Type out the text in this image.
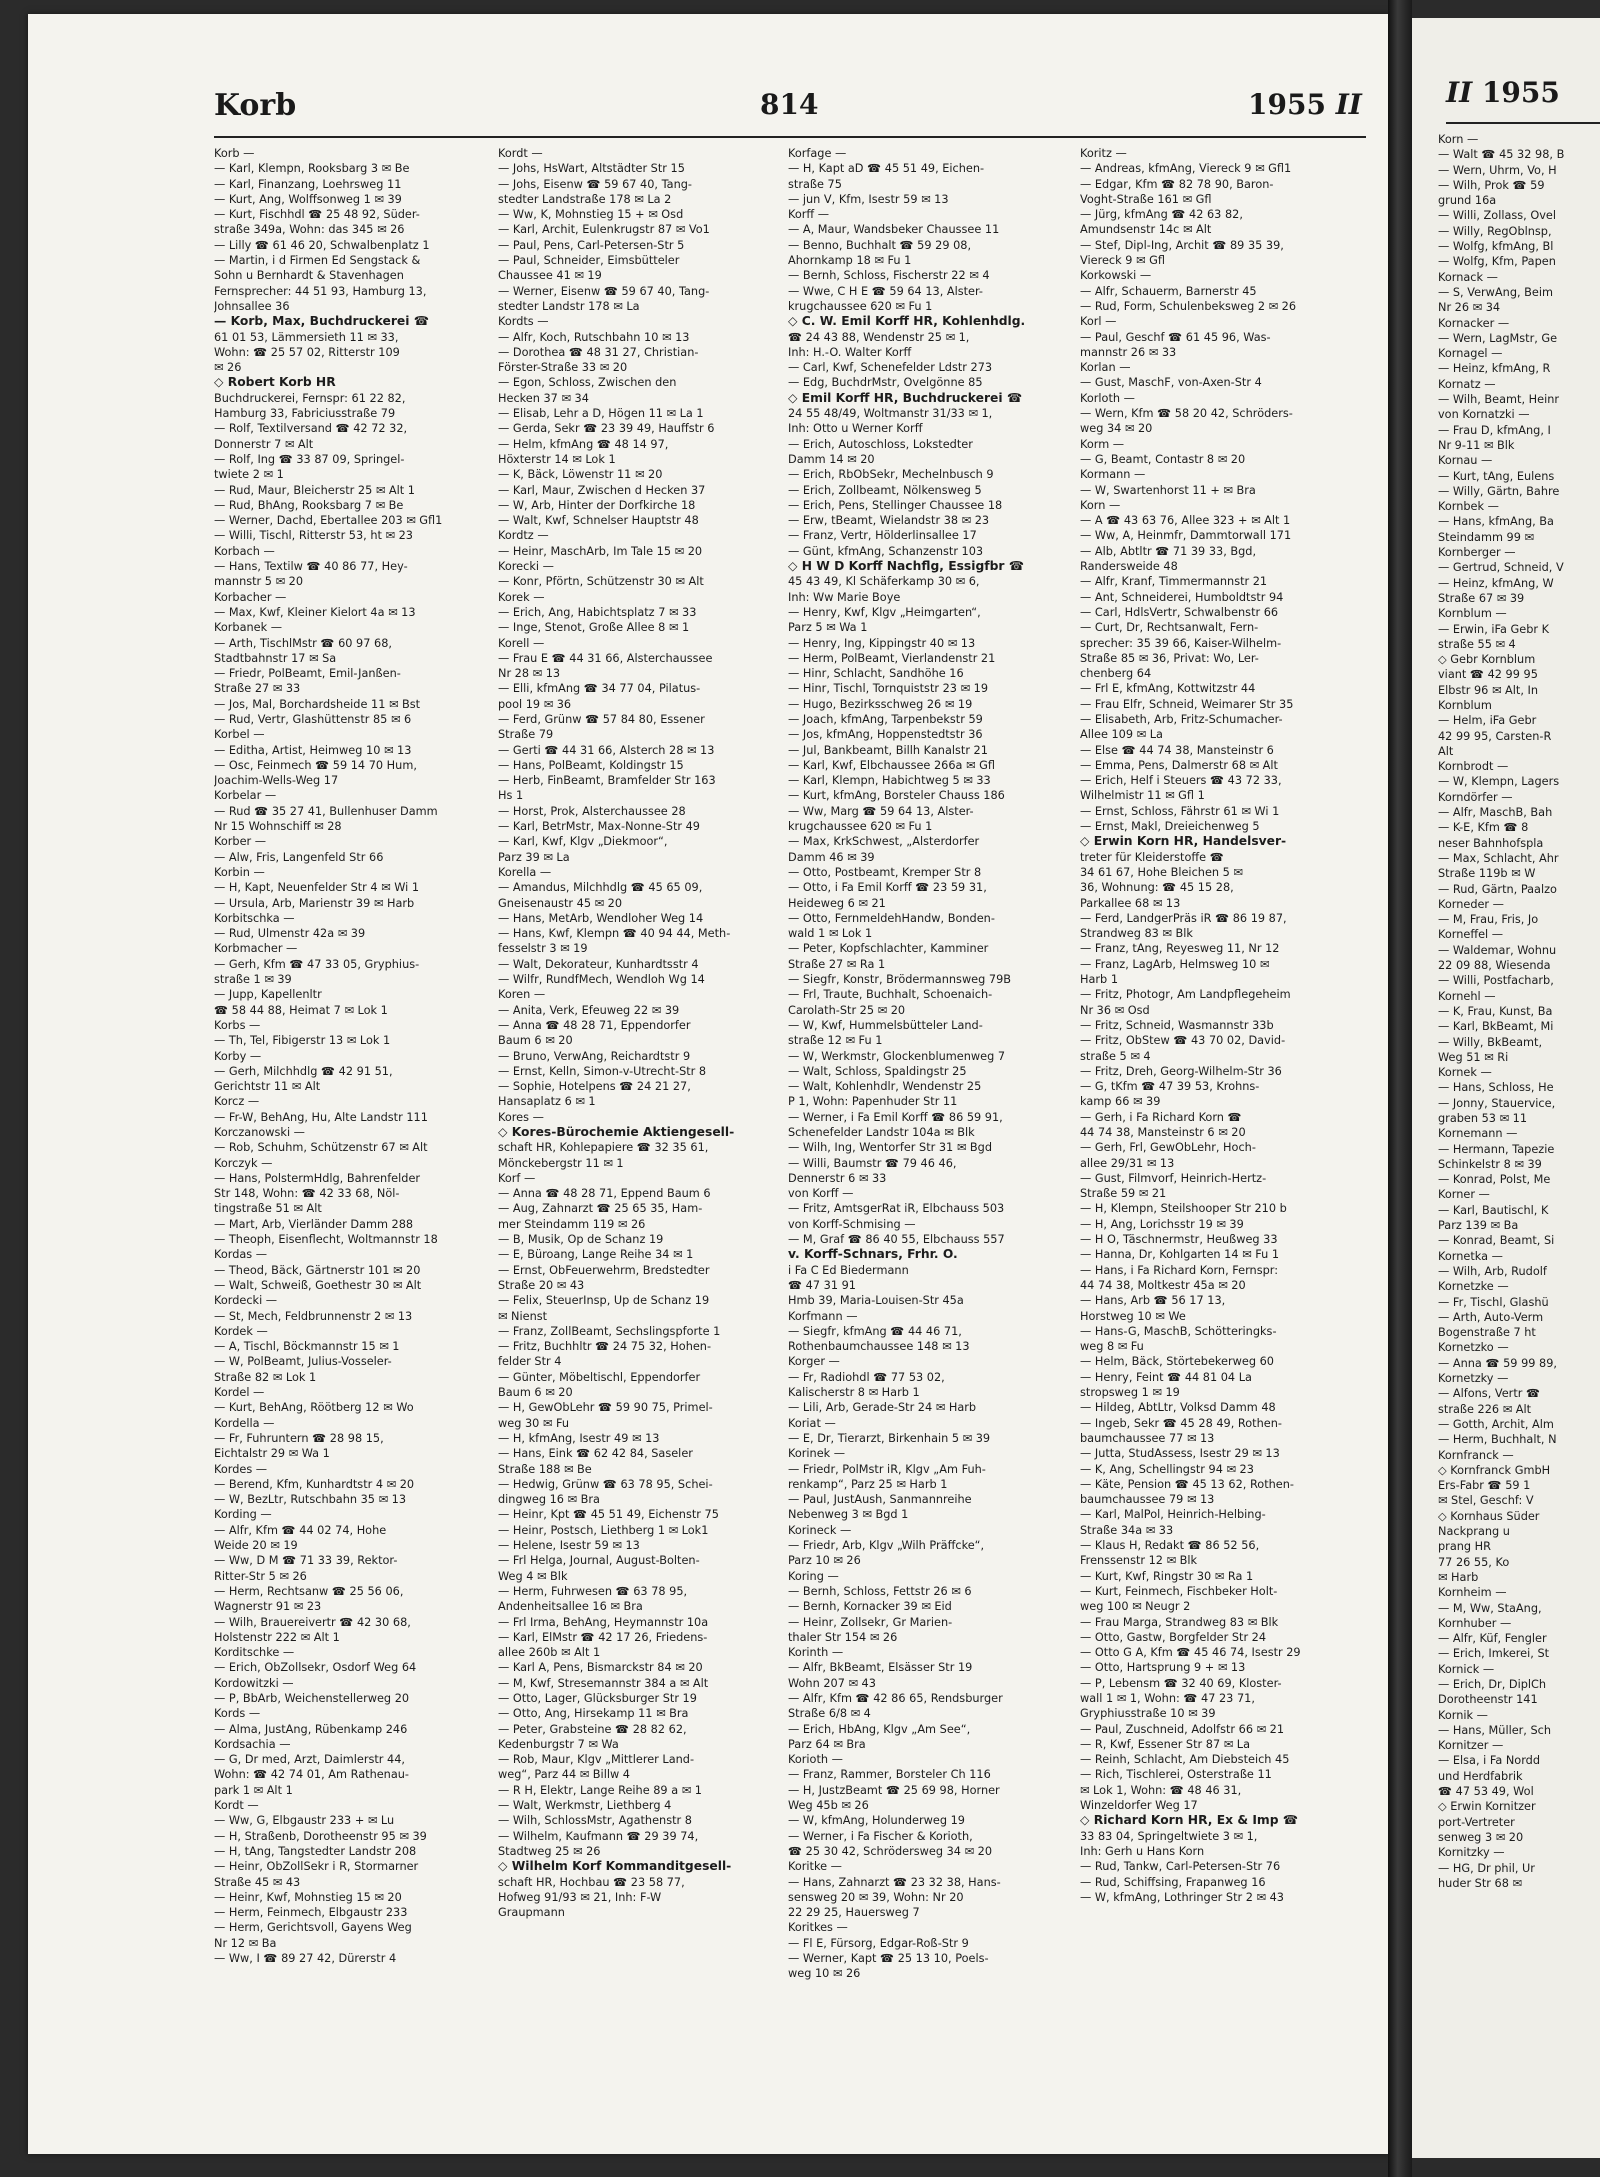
Korb	814	1955 II
Korb —
— Karl, Klempn, Rooksbarg 3 ✉ Be
— Karl, Finanzang, Loehrsweg 11
— Kurt, Ang, Wolffsonweg 1 ✉ 39
— Kurt, Fischhdl ☎ 25 48 92, Süder-
straße 349a, Wohn: das 345 ✉ 26
— Lilly ☎ 61 46 20, Schwalbenplatz 1
— Martin, i d Firmen Ed Sengstack &
Sohn u Bernhardt & Stavenhagen
Fernsprecher: 44 51 93, Hamburg 13,
Johnsallee 36
— Korb, Max, Buchdruckerei ☎
61 01 53, Lämmersieth 11 ✉ 33,
Wohn: ☎ 25 57 02, Ritterstr 109
✉ 26
◇ Robert Korb HR
Buchdruckerei, Fernspr: 61 22 82,
Hamburg 33, Fabriciusstraße 79
— Rolf, Textilversand ☎ 42 72 32,
Donnerstr 7 ✉ Alt
— Rolf, Ing ☎ 33 87 09, Springel-
twiete 2 ✉ 1
— Rud, Maur, Bleicherstr 25 ✉ Alt 1
— Rud, BhAng, Rooksbarg 7 ✉ Be
— Werner, Dachd, Ebertallee 203 ✉ Gfl1
— Willi, Tischl, Ritterstr 53, ht ✉ 23
Korbach —
— Hans, Textilw ☎ 40 86 77, Hey-
mannstr 5 ✉ 20
Korbacher —
— Max, Kwf, Kleiner Kielort 4a ✉ 13
Korbanek —
— Arth, TischlMstr ☎ 60 97 68,
Stadtbahnstr 17 ✉ Sa
— Friedr, PolBeamt, Emil-Janßen-
Straße 27 ✉ 33
— Jos, Mal, Borchardsheide 11 ✉ Bst
— Rud, Vertr, Glashüttenstr 85 ✉ 6
Korbel —
— Editha, Artist, Heimweg 10 ✉ 13
— Osc, Feinmech ☎ 59 14 70 Hum,
Joachim-Wells-Weg 17
Korbelar —
— Rud ☎ 35 27 41, Bullenhuser Damm
Nr 15 Wohnschiff ✉ 28
Korber —
— Alw, Fris, Langenfeld Str 66
Korbin —
— H, Kapt, Neuenfelder Str 4 ✉ Wi 1
— Ursula, Arb, Marienstr 39 ✉ Harb
Korbitschka —
— Rud, Ulmenstr 42a ✉ 39
Korbmacher —
— Gerh, Kfm ☎ 47 33 05, Gryphius-
straße 1 ✉ 39
— Jupp, Kapellenltr
☎ 58 44 88, Heimat 7 ✉ Lok 1
Korbs —
— Th, Tel, Fibigerstr 13 ✉ Lok 1
Korby —
— Gerh, Milchhdlg ☎ 42 91 51,
Gerichtstr 11 ✉ Alt
Korcz —
— Fr-W, BehAng, Hu, Alte Landstr 111
Korczanowski —
— Rob, Schuhm, Schützenstr 67 ✉ Alt
Korczyk —
— Hans, PolstermHdlg, Bahrenfelder
Str 148, Wohn: ☎ 42 33 68, Nöl-
tingstraße 51 ✉ Alt
— Mart, Arb, Vierländer Damm 288
— Theoph, Eisenflecht, Woltmannstr 18
Kordas —
— Theod, Bäck, Gärtnerstr 101 ✉ 20
— Walt, Schweiß, Goethestr 30 ✉ Alt
Kordecki —
— St, Mech, Feldbrunnenstr 2 ✉ 13
Kordek —
— A, Tischl, Böckmannstr 15 ✉ 1
— W, PolBeamt, Julius-Vosseler-
Straße 82 ✉ Lok 1
Kordel —
— Kurt, BehAng, Röötberg 12 ✉ Wo
Kordella —
— Fr, Fuhruntern ☎ 28 98 15,
Eichtalstr 29 ✉ Wa 1
Kordes —
— Berend, Kfm, Kunhardtstr 4 ✉ 20
— W, BezLtr, Rutschbahn 35 ✉ 13
Kording —
— Alfr, Kfm ☎ 44 02 74, Hohe
Weide 20 ✉ 19
— Ww, D M ☎ 71 33 39, Rektor-
Ritter-Str 5 ✉ 26
— Herm, Rechtsanw ☎ 25 56 06,
Wagnerstr 91 ✉ 23
— Wilh, Brauereivertr ☎ 42 30 68,
Holstenstr 222 ✉ Alt 1
Korditschke —
— Erich, ObZollsekr, Osdorf Weg 64
Kordowitzki —
— P, BbArb, Weichenstellerweg 20
Kords —
— Alma, JustAng, Rübenkamp 246
Kordsachia —
— G, Dr med, Arzt, Daimlerstr 44,
Wohn: ☎ 42 74 01, Am Rathenau-
park 1 ✉ Alt 1
Kordt —
— Ww, G, Elbgaustr 233 + ✉ Lu
— H, Straßenb, Dorotheenstr 95 ✉ 39
— H, tAng, Tangstedter Landstr 208
— Heinr, ObZollSekr i R, Stormarner
Straße 45 ✉ 43
— Heinr, Kwf, Mohnstieg 15 ✉ 20
— Herm, Feinmech, Elbgaustr 233
— Herm, Gerichtsvoll, Gayens Weg
Nr 12 ✉ Ba
— Ww, I ☎ 89 27 42, Dürerstr 4
Kordt —
— Johs, HsWart, Altstädter Str 15
— Johs, Eisenw ☎ 59 67 40, Tang-
stedter Landstraße 178 ✉ La 2
— Ww, K, Mohnstieg 15 + ✉ Osd
— Karl, Archit, Eulenkrugstr 87 ✉ Vo1
— Paul, Pens, Carl-Petersen-Str 5
— Paul, Schneider, Eimsbütteler
Chaussee 41 ✉ 19
— Werner, Eisenw ☎ 59 67 40, Tang-
stedter Landstr 178 ✉ La
Kordts —
— Alfr, Koch, Rutschbahn 10 ✉ 13
— Dorothea ☎ 48 31 27, Christian-
Förster-Straße 33 ✉ 20
— Egon, Schloss, Zwischen den
Hecken 37 ✉ 34
— Elisab, Lehr a D, Högen 11 ✉ La 1
— Gerda, Sekr ☎ 23 39 49, Hauffstr 6
— Helm, kfmAng ☎ 48 14 97,
Höxterstr 14 ✉ Lok 1
— K, Bäck, Löwenstr 11 ✉ 20
— Karl, Maur, Zwischen d Hecken 37
— W, Arb, Hinter der Dorfkirche 18
— Walt, Kwf, Schnelser Hauptstr 48
Kordtz —
— Heinr, MaschArb, Im Tale 15 ✉ 20
Korecki —
— Konr, Pförtn, Schützenstr 30 ✉ Alt
Korek —
— Erich, Ang, Habichtsplatz 7 ✉ 33
— Inge, Stenot, Große Allee 8 ✉ 1
Korell —
— Frau E ☎ 44 31 66, Alsterchaussee
Nr 28 ✉ 13
— Elli, kfmAng ☎ 34 77 04, Pilatus-
pool 19 ✉ 36
— Ferd, Grünw ☎ 57 84 80, Essener
Straße 79
— Gerti ☎ 44 31 66, Alsterch 28 ✉ 13
— Hans, PolBeamt, Koldingstr 15
— Herb, FinBeamt, Bramfelder Str 163
Hs 1
— Horst, Prok, Alsterchaussee 28
— Karl, BetrMstr, Max-Nonne-Str 49
— Karl, Kwf, Klgv „Diekmoor“,
Parz 39 ✉ La
Korella —
— Amandus, Milchhdlg ☎ 45 65 09,
Gneisenaustr 45 ✉ 20
— Hans, MetArb, Wendloher Weg 14
— Hans, Kwf, Klempn ☎ 40 94 44, Meth-
fesselstr 3 ✉ 19
— Walt, Dekorateur, Kunhardtsstr 4
— Wilfr, RundfMech, Wendloh Wg 14
Koren —
— Anita, Verk, Efeuweg 22 ✉ 39
— Anna ☎ 48 28 71, Eppendorfer
Baum 6 ✉ 20
— Bruno, VerwAng, Reichardtstr 9
— Ernst, Kelln, Simon-v-Utrecht-Str 8
— Sophie, Hotelpens ☎ 24 21 27,
Hansaplatz 6 ✉ 1
Kores —
◇ Kores-Bürochemie Aktiengesell-
schaft HR, Kohlepapiere ☎ 32 35 61,
Mönckebergstr 11 ✉ 1
Korf —
— Anna ☎ 48 28 71, Eppend Baum 6
— Aug, Zahnarzt ☎ 25 65 35, Ham-
mer Steindamm 119 ✉ 26
— B, Musik, Op de Schanz 19
— E, Büroang, Lange Reihe 34 ✉ 1
— Ernst, ObFeuerwehrm, Bredstedter
Straße 20 ✉ 43
— Felix, SteuerInsp, Up de Schanz 19
✉ Nienst
— Franz, ZollBeamt, Sechslingspforte 1
— Fritz, Buchhltr ☎ 24 75 32, Hohen-
felder Str 4
— Günter, Möbeltischl, Eppendorfer
Baum 6 ✉ 20
— H, GewObLehr ☎ 59 90 75, Primel-
weg 30 ✉ Fu
— H, kfmAng, Isestr 49 ✉ 13
— Hans, Eink ☎ 62 42 84, Saseler
Straße 188 ✉ Be
— Hedwig, Grünw ☎ 63 78 95, Schei-
dingweg 16 ✉ Bra
— Heinr, Kpt ☎ 45 51 49, Eichenstr 75
— Heinr, Postsch, Liethberg 1 ✉ Lok1
— Helene, Isestr 59 ✉ 13
— Frl Helga, Journal, August-Bolten-
Weg 4 ✉ Blk
— Herm, Fuhrwesen ☎ 63 78 95,
Andenheitsallee 16 ✉ Bra
— Frl Irma, BehAng, Heymannstr 10a
— Karl, ElMstr ☎ 42 17 26, Friedens-
allee 260b ✉ Alt 1
— Karl A, Pens, Bismarckstr 84 ✉ 20
— M, Kwf, Stresemannstr 384 a ✉ Alt
— Otto, Lager, Glücksburger Str 19
— Otto, Ang, Hirsekamp 11 ✉ Bra
— Peter, Grabsteine ☎ 28 82 62,
Kedenburgstr 7 ✉ Wa
— Rob, Maur, Klgv „Mittlerer Land-
weg“, Parz 44 ✉ Billw 4
— R H, Elektr, Lange Reihe 89 a ✉ 1
— Walt, Werkmstr, Liethberg 4
— Wilh, SchlossMstr, Agathenstr 8
— Wilhelm, Kaufmann ☎ 29 39 74,
Stadtweg 25 ✉ 26
◇ Wilhelm Korf Kommanditgesell-
schaft HR, Hochbau ☎ 23 58 77,
Hofweg 91/93 ✉ 21, Inh: F-W
Graupmann
Korfage —
— H, Kapt aD ☎ 45 51 49, Eichen-
straße 75
— jun V, Kfm, Isestr 59 ✉ 13
Korff —
— A, Maur, Wandsbeker Chaussee 11
— Benno, Buchhalt ☎ 59 29 08,
Ahornkamp 18 ✉ Fu 1
— Bernh, Schloss, Fischerstr 22 ✉ 4
— Wwe, C H E ☎ 59 64 13, Alster-
krugchaussee 620 ✉ Fu 1
◇ C. W. Emil Korff HR, Kohlenhdlg.
☎ 24 43 88, Wendenstr 25 ✉ 1,
Inh: H.-O. Walter Korff
— Carl, Kwf, Schenefelder Ldstr 273
— Edg, BuchdrMstr, Ovelgönne 85
◇ Emil Korff HR, Buchdruckerei ☎
24 55 48/49, Woltmanstr 31/33 ✉ 1,
Inh: Otto u Werner Korff
— Erich, Autoschloss, Lokstedter
Damm 14 ✉ 20
— Erich, RbObSekr, Mechelnbusch 9
— Erich, Zollbeamt, Nölkensweg 5
— Erich, Pens, Stellinger Chaussee 18
— Erw, tBeamt, Wielandstr 38 ✉ 23
— Franz, Vertr, Hölderlinsallee 17
— Günt, kfmAng, Schanzenstr 103
◇ H W D Korff Nachflg, Essigfbr ☎
45 43 49, Kl Schäferkamp 30 ✉ 6,
Inh: Ww Marie Boye
— Henry, Kwf, Klgv „Heimgarten“,
Parz 5 ✉ Wa 1
— Henry, Ing, Kippingstr 40 ✉ 13
— Herm, PolBeamt, Vierlandenstr 21
— Hinr, Schlacht, Sandhöhe 16
— Hinr, Tischl, Tornquiststr 23 ✉ 19
— Hugo, Bezirksschweg 26 ✉ 19
— Joach, kfmAng, Tarpenbekstr 59
— Jos, kfmAng, Hoppenstedtstr 36
— Jul, Bankbeamt, Billh Kanalstr 21
— Karl, Kwf, Elbchaussee 266a ✉ Gfl
— Karl, Klempn, Habichtweg 5 ✉ 33
— Kurt, kfmAng, Borsteler Chauss 186
— Ww, Marg ☎ 59 64 13, Alster-
krugchaussee 620 ✉ Fu 1
— Max, KrkSchwest, „Alsterdorfer
Damm 46 ✉ 39
— Otto, Postbeamt, Kremper Str 8
— Otto, i Fa Emil Korff ☎ 23 59 31,
Heideweg 6 ✉ 21
— Otto, FernmeldehHandw, Bonden-
wald 1 ✉ Lok 1
— Peter, Kopfschlachter, Kamminer
Straße 27 ✉ Ra 1
— Siegfr, Konstr, Brödermannsweg 79B
— Frl, Traute, Buchhalt, Schoenaich-
Carolath-Str 25 ✉ 20
— W, Kwf, Hummelsbütteler Land-
straße 12 ✉ Fu 1
— W, Werkmstr, Glockenblumenweg 7
— Walt, Schloss, Spaldingstr 25
— Walt, Kohlenhdlr, Wendenstr 25
P 1, Wohn: Papenhuder Str 11
— Werner, i Fa Emil Korff ☎ 86 59 91,
Schenefelder Landstr 104a ✉ Blk
— Wilh, Ing, Wentorfer Str 31 ✉ Bgd
— Willi, Baumstr ☎ 79 46 46,
Dennerstr 6 ✉ 33
von Korff —
— Fritz, AmtsgerRat iR, Elbchauss 503
von Korff-Schmising —
— M, Graf ☎ 86 40 55, Elbchauss 557
v. Korff-Schnars, Frhr. O.
i Fa C Ed Biedermann
☎ 47 31 91
Hmb 39, Maria-Louisen-Str 45a
Korfmann —
— Siegfr, kfmAng ☎ 44 46 71,
Rothenbaumchaussee 148 ✉ 13
Korger —
— Fr, Radiohdl ☎ 77 53 02,
Kalischerstr 8 ✉ Harb 1
— Lili, Arb, Gerade-Str 24 ✉ Harb
Koriat —
— E, Dr, Tierarzt, Birkenhain 5 ✉ 39
Korinek —
— Friedr, PolMstr iR, Klgv „Am Fuh-
renkamp“, Parz 25 ✉ Harb 1
— Paul, JustAush, Sanmannreihe
Nebenweg 3 ✉ Bgd 1
Korineck —
— Friedr, Arb, Klgv „Wilh Präffcke“,
Parz 10 ✉ 26
Koring —
— Bernh, Schloss, Fettstr 26 ✉ 6
— Bernh, Kornacker 39 ✉ Eid
— Heinr, Zollsekr, Gr Marien-
thaler Str 154 ✉ 26
Korinth —
— Alfr, BkBeamt, Elsässer Str 19
Wohn 207 ✉ 43
— Alfr, Kfm ☎ 42 86 65, Rendsburger
Straße 6/8 ✉ 4
— Erich, HbAng, Klgv „Am See“,
Parz 64 ✉ Bra
Korioth —
— Franz, Rammer, Borsteler Ch 116
— H, JustzBeamt ☎ 25 69 98, Horner
Weg 45b ✉ 26
— W, kfmAng, Holunderweg 19
— Werner, i Fa Fischer & Korioth,
☎ 25 30 42, Schrödersweg 34 ✉ 20
Koritke —
— Hans, Zahnarzt ☎ 23 32 38, Hans-
sensweg 20 ✉ 39, Wohn: Nr 20
22 29 25, Hauersweg 7
Koritkes —
— Fl E, Fürsorg, Edgar-Roß-Str 9
— Werner, Kapt ☎ 25 13 10, Poels-
weg 10 ✉ 26
Koritz —
— Andreas, kfmAng, Viereck 9 ✉ Gfl1
— Edgar, Kfm ☎ 82 78 90, Baron-
Voght-Straße 161 ✉ Gfl
— Jürg, kfmAng ☎ 42 63 82,
Amundsenstr 14c ✉ Alt
— Stef, Dipl-Ing, Archit ☎ 89 35 39,
Viereck 9 ✉ Gfl
Korkowski —
— Alfr, Schauerm, Barnerstr 45
— Rud, Form, Schulenbeksweg 2 ✉ 26
Korl —
— Paul, Geschf ☎ 61 45 96, Was-
mannstr 26 ✉ 33
Korlan —
— Gust, MaschF, von-Axen-Str 4
Korloth —
— Wern, Kfm ☎ 58 20 42, Schröders-
weg 34 ✉ 20
Korm —
— G, Beamt, Contastr 8 ✉ 20
Kormann —
— W, Swartenhorst 11 + ✉ Bra
Korn —
— A ☎ 43 63 76, Allee 323 + ✉ Alt 1
— Ww, A, Heinmfr, Dammtorwall 171
— Alb, Abtltr ☎ 71 39 33, Bgd,
Randersweide 48
— Alfr, Kranf, Timmermannstr 21
— Ant, Schneiderei, Humboldtstr 94
— Carl, HdlsVertr, Schwalbenstr 66
— Curt, Dr, Rechtsanwalt, Fern-
sprecher: 35 39 66, Kaiser-Wilhelm-
Straße 85 ✉ 36, Privat: Wo, Ler-
chenberg 64
— Frl E, kfmAng, Kottwitzstr 44
— Frau Elfr, Schneid, Weimarer Str 35
— Elisabeth, Arb, Fritz-Schumacher-
Allee 109 ✉ La
— Else ☎ 44 74 38, Mansteinstr 6
— Emma, Pens, Dalmerstr 68 ✉ Alt
— Erich, Helf i Steuers ☎ 43 72 33,
Wilhelmistr 11 ✉ Gfl 1
— Ernst, Schloss, Fährstr 61 ✉ Wi 1
— Ernst, Makl, Dreieichenweg 5
◇ Erwin Korn HR, Handelsver-
treter für Kleiderstoffe ☎
34 61 67, Hohe Bleichen 5 ✉
36, Wohnung: ☎ 45 15 28,
Parkallee 68 ✉ 13
— Ferd, LandgerPräs iR ☎ 86 19 87,
Strandweg 83 ✉ Blk
— Franz, tAng, Reyesweg 11, Nr 12
— Franz, LagArb, Helmsweg 10 ✉
Harb 1
— Fritz, Photogr, Am Landpflegeheim
Nr 36 ✉ Osd
— Fritz, Schneid, Wasmannstr 33b
— Fritz, ObStew ☎ 43 70 02, David-
straße 5 ✉ 4
— Fritz, Dreh, Georg-Wilhelm-Str 36
— G, tKfm ☎ 47 39 53, Krohns-
kamp 66 ✉ 39
— Gerh, i Fa Richard Korn ☎
44 74 38, Mansteinstr 6 ✉ 20
— Gerh, Frl, GewObLehr, Hoch-
allee 29/31 ✉ 13
— Gust, Filmvorf, Heinrich-Hertz-
Straße 59 ✉ 21
— H, Klempn, Steilshooper Str 210 b
— H, Ang, Lorichsstr 19 ✉ 39
— H O, Täschnermstr, Heußweg 33
— Hanna, Dr, Kohlgarten 14 ✉ Fu 1
— Hans, i Fa Richard Korn, Fernspr:
44 74 38, Moltkestr 45a ✉ 20
— Hans, Arb ☎ 56 17 13,
Horstweg 10 ✉ We
— Hans-G, MaschB, Schötteringks-
weg 8 ✉ Fu
— Helm, Bäck, Störtebekerweg 60
— Henry, Feint ☎ 44 81 04 La
stropsweg 1 ✉ 19
— Hildeg, AbtLtr, Volksd Damm 48
— Ingeb, Sekr ☎ 45 28 49, Rothen-
baumchaussee 77 ✉ 13
— Jutta, StudAssess, Isestr 29 ✉ 13
— K, Ang, Schellingstr 94 ✉ 23
— Käte, Pension ☎ 45 13 62, Rothen-
baumchaussee 79 ✉ 13
— Karl, MalPol, Heinrich-Helbing-
Straße 34a ✉ 33
— Klaus H, Redakt ☎ 86 52 56,
Frenssenstr 12 ✉ Blk
— Kurt, Kwf, Ringstr 30 ✉ Ra 1
— Kurt, Feinmech, Fischbeker Holt-
weg 100 ✉ Neugr 2
— Frau Marga, Strandweg 83 ✉ Blk
— Otto, Gastw, Borgfelder Str 24
— Otto G A, Kfm ☎ 45 46 74, Isestr 29
— Otto, Hartsprung 9 + ✉ 13
— P, Lebensm ☎ 32 40 69, Kloster-
wall 1 ✉ 1, Wohn: ☎ 47 23 71,
Gryphiusstraße 10 ✉ 39
— Paul, Zuschneid, Adolfstr 66 ✉ 21
— R, Kwf, Essener Str 87 ✉ La
— Reinh, Schlacht, Am Diebsteich 45
— Rich, Tischlerei, Osterstraße 11
✉ Lok 1, Wohn: ☎ 48 46 31,
Winzeldorfer Weg 17
◇ Richard Korn HR, Ex & Imp ☎
33 83 04, Springeltwiete 3 ✉ 1,
Inh: Gerh u Hans Korn
— Rud, Tankw, Carl-Petersen-Str 76
— Rud, Schiffsing, Frapanweg 16
— W, kfmAng, Lothringer Str 2 ✉ 43
II 1955
Korn —
— Walt ☎ 45 32 98, B
— Wern, Uhrm, Vo, H
— Wilh, Prok ☎ 59
grund 16a
— Willi, Zollass, Ovel
— Willy, RegOblnsp,
— Wolfg, kfmAng, Bl
— Wolfg, Kfm, Papen
Kornack —
— S, VerwAng, Beim
Nr 26 ✉ 34
Kornacker —
— Wern, LagMstr, Ge
Kornagel —
— Heinz, kfmAng, R
Kornatz —
— Wilh, Beamt, Heinr
von Kornatzki —
— Frau D, kfmAng, I
Nr 9-11 ✉ Blk
Kornau —
— Kurt, tAng, Eulens
— Willy, Gärtn, Bahre
Kornbek —
— Hans, kfmAng, Ba
Steindamm 99 ✉
Kornberger —
— Gertrud, Schneid, V
— Heinz, kfmAng, W
Straße 67 ✉ 39
Kornblum —
— Erwin, iFa Gebr K
straße 55 ✉ 4
◇ Gebr Kornblum
viant ☎ 42 99 95
Elbstr 96 ✉ Alt, In
Kornblum
— Helm, iFa Gebr
42 99 95, Carsten-R
Alt
Kornbrodt —
— W, Klempn, Lagers
Korndörfer —
— Alfr, MaschB, Bah
— K-E, Kfm ☎ 8
neser Bahnhofspla
— Max, Schlacht, Ahr
Straße 119b ✉ W
— Rud, Gärtn, Paalzo
Korneder —
— M, Frau, Fris, Jo
Korneffel —
— Waldemar, Wohnu
22 09 88, Wiesenda
— Willi, Postfacharb,
Kornehl —
— K, Frau, Kunst, Ba
— Karl, BkBeamt, Mi
— Willy, BkBeamt,
Weg 51 ✉ Ri
Kornek —
— Hans, Schloss, He
— Jonny, Stauervice,
graben 53 ✉ 11
Kornemann —
— Hermann, Tapezie
Schinkelstr 8 ✉ 39
— Konrad, Polst, Me
Korner —
— Karl, Bautischl, K
Parz 139 ✉ Ba
— Konrad, Beamt, Si
Kornetka —
— Wilh, Arb, Rudolf
Kornetzke —
— Fr, Tischl, Glashü
— Arth, Auto-Verm
Bogenstraße 7 ht
Kornetzko —
— Anna ☎ 59 99 89,
Kornetzky —
— Alfons, Vertr ☎
straße 226 ✉ Alt
— Gotth, Archit, Alm
— Herm, Buchhalt, N
Kornfranck —
◇ Kornfranck GmbH
Ers-Fabr ☎ 59 1
✉ Stel, Geschf: V
◇ Kornhaus Süder
Nackprang u
prang HR
77 26 55, Ko
✉ Harb
Kornheim —
— M, Ww, StaAng,
Kornhuber —
— Alfr, Küf, Fengler
— Erich, Imkerei, St
Kornick —
— Erich, Dr, DiplCh
Dorotheenstr 141
Kornik —
— Hans, Müller, Sch
Kornitzer —
— Elsa, i Fa Nordd
und Herdfabrik
☎ 47 53 49, Wol
◇ Erwin Kornitzer
port-Vertreter
senweg 3 ✉ 20
Kornitzky —
— HG, Dr phil, Ur
huder Str 68 ✉
